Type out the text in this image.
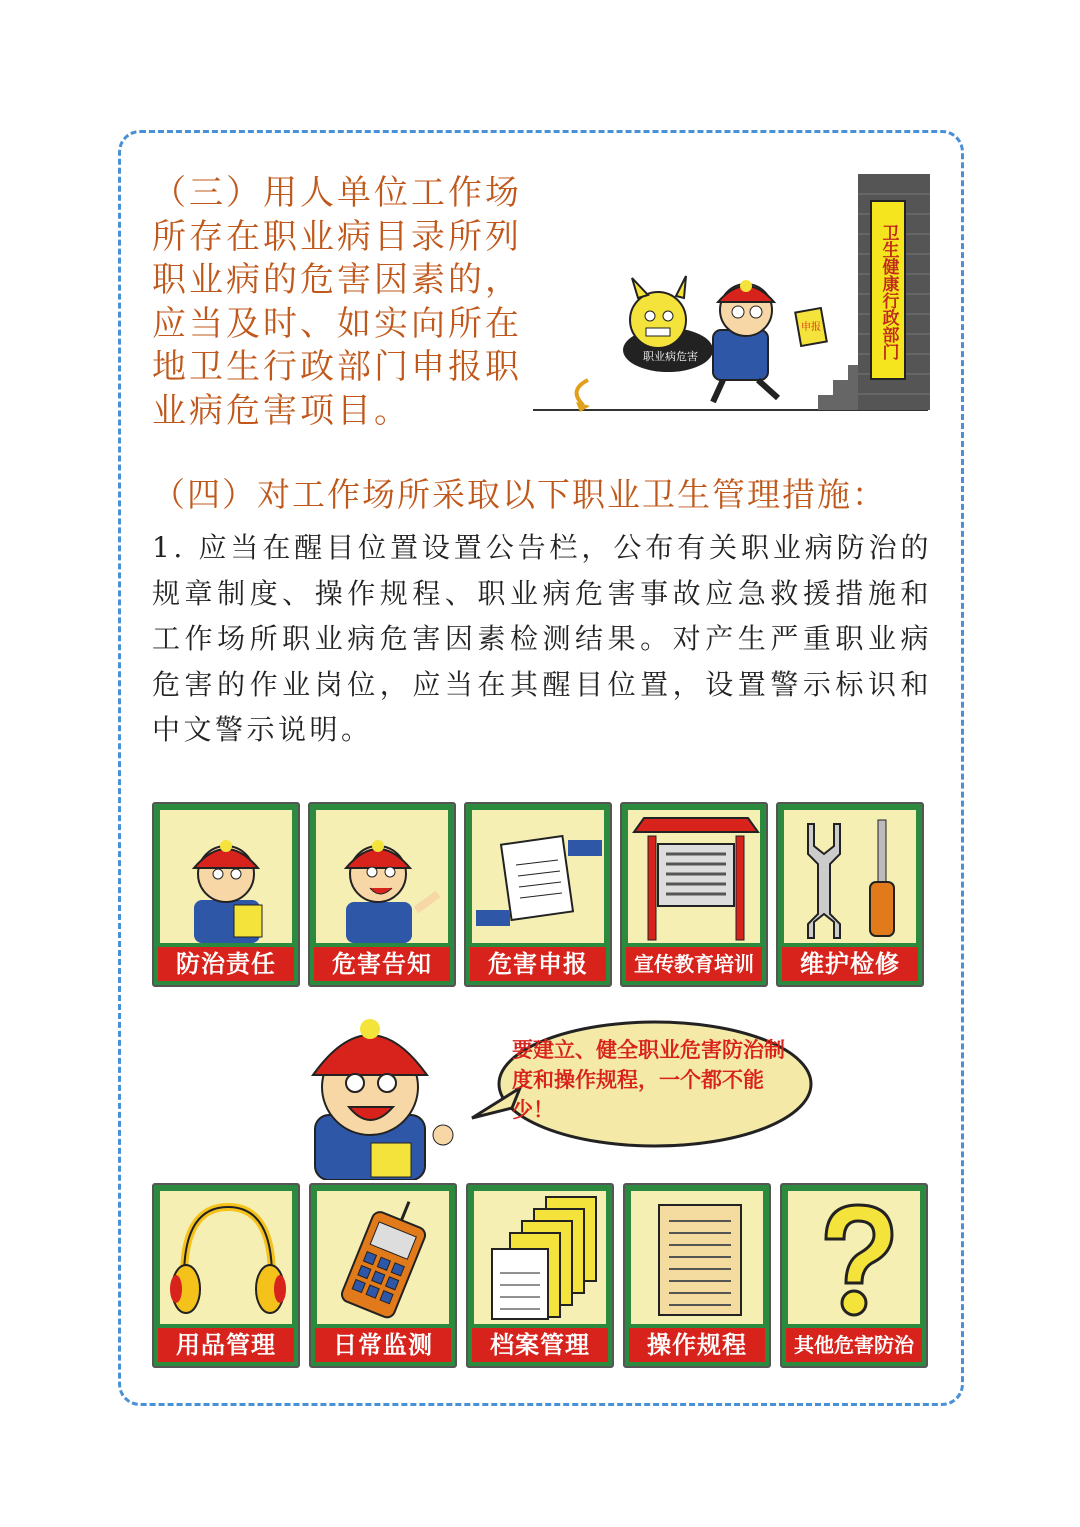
（三）用人单位工作场所存在职业病目录所列职业病的危害因素的，应当及时、如实向所在地卫生行政部门申报职业病危害项目。
职业病危害
申报	卫生健康行政部门
（四）对工作场所采取以下职业卫生管理措施：
1. 应当在醒目位置设置公告栏，公布有关职业病防治的规章制度、操作规程、职业病危害事故应急救援措施和工作场所职业病危害因素检测结果。对产生严重职业病危害的作业岗位，应当在其醒目位置，设置警示标识和中文警示说明。
防治责任	危害告知	危害申报	宣传教育培训	维护检修
要建立、健全职业危害防治制度和操作规程，一个都不能少！
用品管理	日常监测	档案管理	操作规程	其他危害防治
